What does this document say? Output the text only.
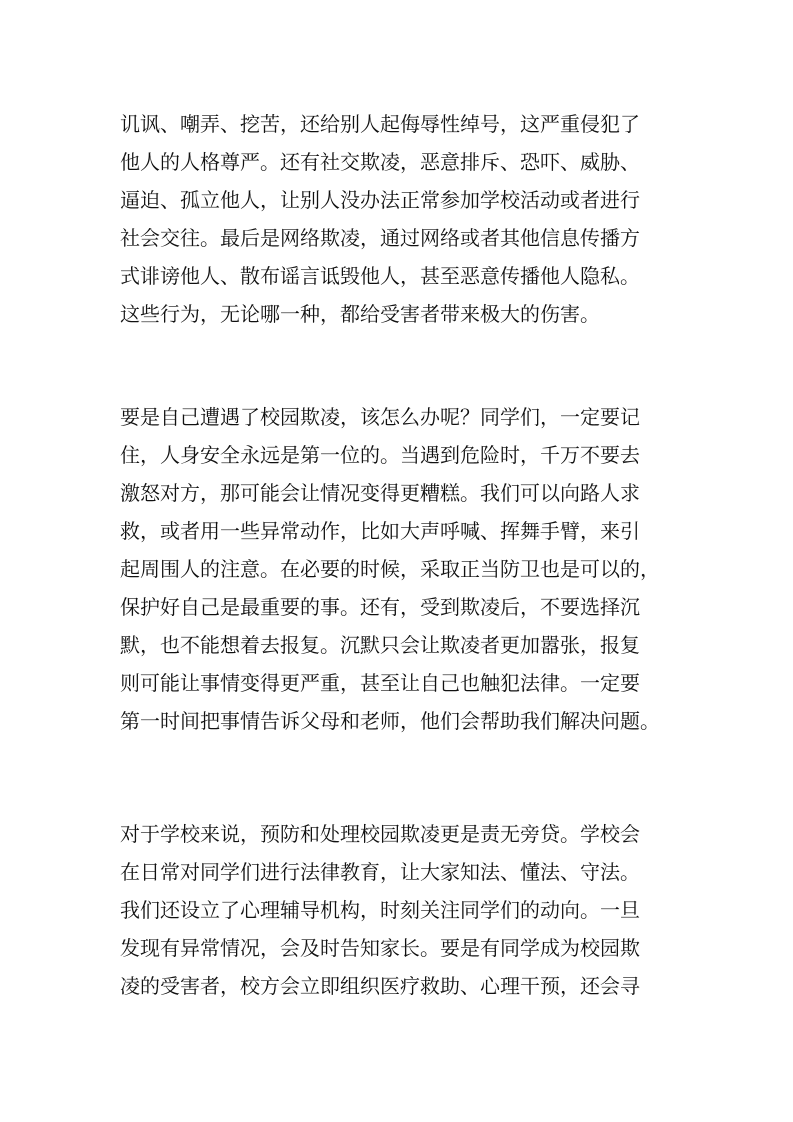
讥讽、嘲弄、挖苦，还给别人起侮辱性绰号，这严重侵犯了
他人的人格尊严。还有社交欺凌，恶意排斥、恐吓、威胁、
逼迫、孤立他人，让别人没办法正常参加学校活动或者进行
社会交往。最后是网络欺凌，通过网络或者其他信息传播方
式诽谤他人、散布谣言诋毁他人，甚至恶意传播他人隐私。
这些行为，无论哪一种，都给受害者带来极大的伤害。
要是自己遭遇了校园欺凌，该怎么办呢？同学们，一定要记
住，人身安全永远是第一位的。当遇到危险时，千万不要去
激怒对方，那可能会让情况变得更糟糕。我们可以向路人求
救，或者用一些异常动作，比如大声呼喊、挥舞手臂，来引
起周围人的注意。在必要的时候，采取正当防卫也是可以的，
保护好自己是最重要的事。还有，受到欺凌后，不要选择沉
默，也不能想着去报复。沉默只会让欺凌者更加嚣张，报复
则可能让事情变得更严重，甚至让自己也触犯法律。一定要
第一时间把事情告诉父母和老师，他们会帮助我们解决问题。
对于学校来说，预防和处理校园欺凌更是责无旁贷。学校会
在日常对同学们进行法律教育，让大家知法、懂法、守法。
我们还设立了心理辅导机构，时刻关注同学们的动向。一旦
发现有异常情况，会及时告知家长。要是有同学成为校园欺
凌的受害者，校方会立即组织医疗救助、心理干预，还会寻
